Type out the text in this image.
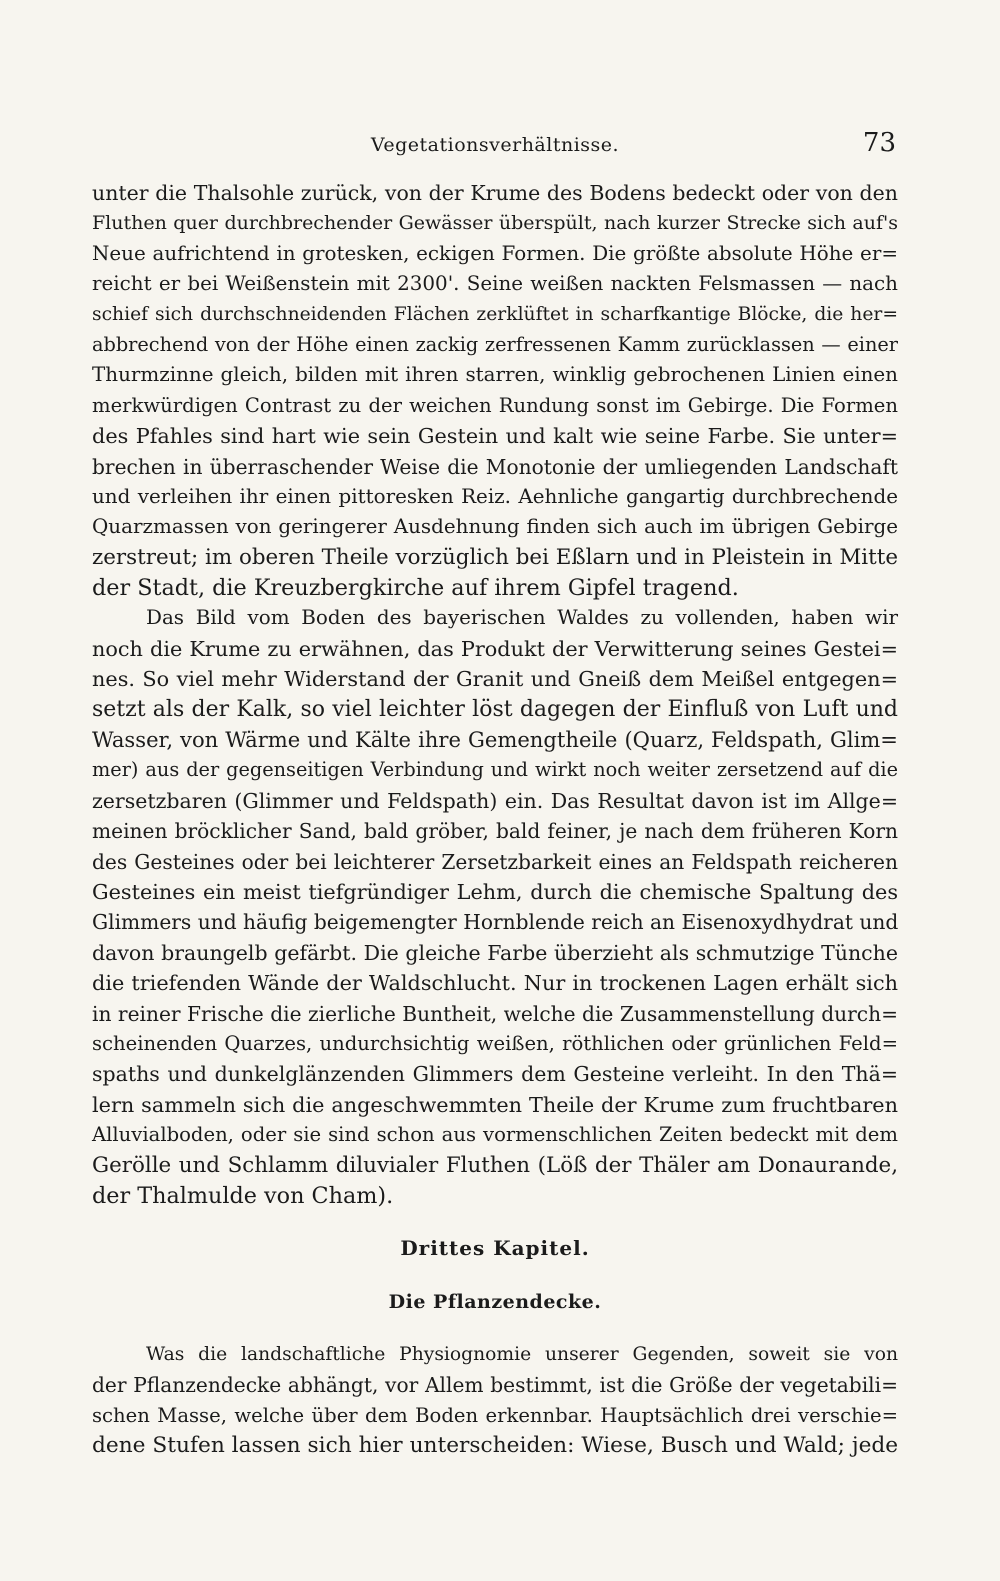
Vegetationsverhältnisse.	73
unter die Thalsohle zurück, von der Krume des Bodens bedeckt oder von den
Fluthen quer durchbrechender Gewässer überspült, nach kurzer Strecke sich auf's
Neue aufrichtend in grotesken, eckigen Formen. Die größte absolute Höhe er=
reicht er bei Weißenstein mit 2300'. Seine weißen nackten Felsmassen — nach
schief sich durchschneidenden Flächen zerklüftet in scharfkantige Blöcke, die her=
abbrechend von der Höhe einen zackig zerfressenen Kamm zurücklassen — einer
Thurmzinne gleich, bilden mit ihren starren, winklig gebrochenen Linien einen
merkwürdigen Contrast zu der weichen Rundung sonst im Gebirge. Die Formen
des Pfahles sind hart wie sein Gestein und kalt wie seine Farbe. Sie unter=
brechen in überraschender Weise die Monotonie der umliegenden Landschaft
und verleihen ihr einen pittoresken Reiz. Aehnliche gangartig durchbrechende
Quarzmassen von geringerer Ausdehnung finden sich auch im übrigen Gebirge
zerstreut; im oberen Theile vorzüglich bei Eßlarn und in Pleistein in Mitte
der Stadt, die Kreuzbergkirche auf ihrem Gipfel tragend.
Das Bild vom Boden des bayerischen Waldes zu vollenden, haben wir
noch die Krume zu erwähnen, das Produkt der Verwitterung seines Gestei=
nes. So viel mehr Widerstand der Granit und Gneiß dem Meißel entgegen=
setzt als der Kalk, so viel leichter löst dagegen der Einfluß von Luft und
Wasser, von Wärme und Kälte ihre Gemengtheile (Quarz, Feldspath, Glim=
mer) aus der gegenseitigen Verbindung und wirkt noch weiter zersetzend auf die
zersetzbaren (Glimmer und Feldspath) ein. Das Resultat davon ist im Allge=
meinen bröcklicher Sand, bald gröber, bald feiner, je nach dem früheren Korn
des Gesteines oder bei leichterer Zersetzbarkeit eines an Feldspath reicheren
Gesteines ein meist tiefgründiger Lehm, durch die chemische Spaltung des
Glimmers und häufig beigemengter Hornblende reich an Eisenoxydhydrat und
davon braungelb gefärbt. Die gleiche Farbe überzieht als schmutzige Tünche
die triefenden Wände der Waldschlucht. Nur in trockenen Lagen erhält sich
in reiner Frische die zierliche Buntheit, welche die Zusammenstellung durch=
scheinenden Quarzes, undurchsichtig weißen, röthlichen oder grünlichen Feld=
spaths und dunkelglänzenden Glimmers dem Gesteine verleiht. In den Thä=
lern sammeln sich die angeschwemmten Theile der Krume zum fruchtbaren
Alluvialboden, oder sie sind schon aus vormenschlichen Zeiten bedeckt mit dem
Gerölle und Schlamm diluvialer Fluthen (Löß der Thäler am Donaurande,
der Thalmulde von Cham).
Drittes Kapitel.
Die Pflanzendecke.
Was die landschaftliche Physiognomie unserer Gegenden, soweit sie von
der Pflanzendecke abhängt, vor Allem bestimmt, ist die Größe der vegetabili=
schen Masse, welche über dem Boden erkennbar. Hauptsächlich drei verschie=
dene Stufen lassen sich hier unterscheiden: Wiese, Busch und Wald; jede
